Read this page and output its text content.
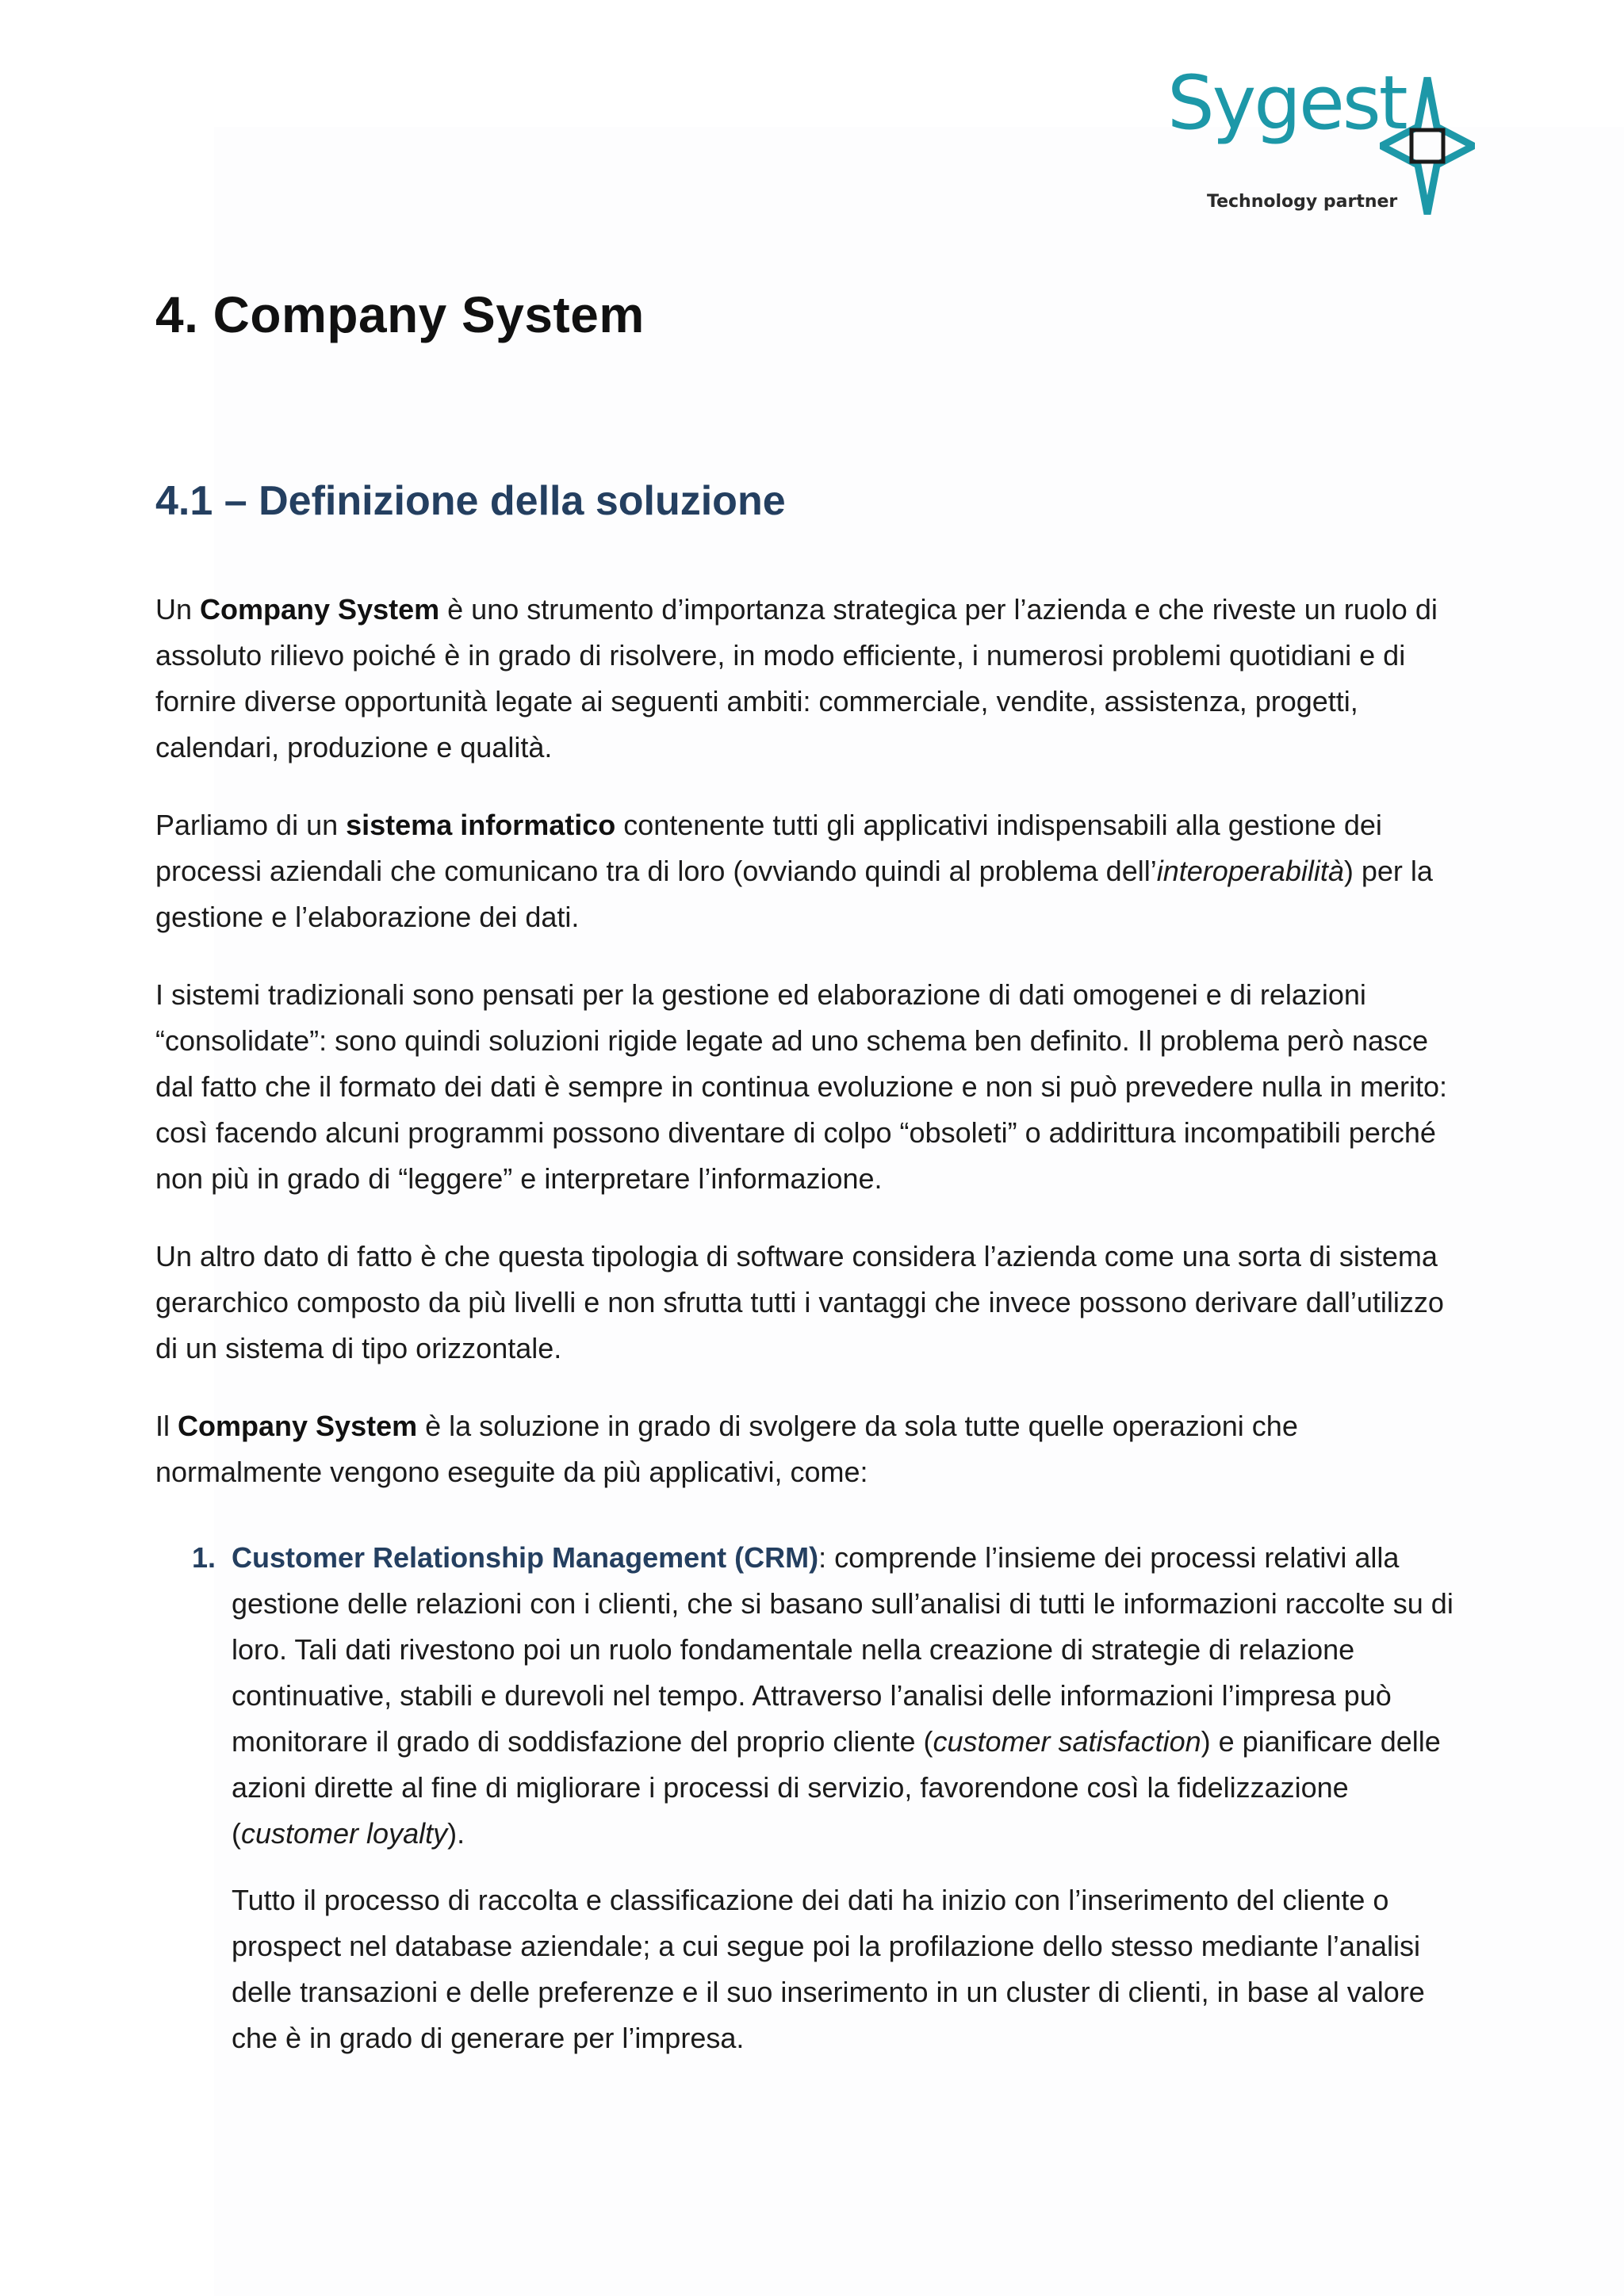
Sygest
Technology partner
4. Company System
4.1 – Definizione della soluzione

Un Company System è uno strumento d’importanza strategica per l’azienda e che riveste un ruolo di assoluto rilievo poiché è in grado di risolvere, in modo efficiente, i numerosi problemi quotidiani e di fornire diverse opportunità legate ai seguenti ambiti: commerciale, vendite, assistenza, progetti, calendari, produzione e qualità.

Parliamo di un sistema informatico contenente tutti gli applicativi indispensabili alla gestione dei processi aziendali che comunicano tra di loro (ovviando quindi al problema dell’interoperabilità) per la gestione e l’elaborazione dei dati.

I sistemi tradizionali sono pensati per la gestione ed elaborazione di dati omogenei e di relazioni “consolidate”: sono quindi soluzioni rigide legate ad uno schema ben definito. Il problema però nasce dal fatto che il formato dei dati è sempre in continua evoluzione e non si può prevedere nulla in merito: così facendo alcuni programmi possono diventare di colpo “obsoleti” o addirittura incompatibili perché non più in grado di “leggere” e interpretare l’informazione.

Un altro dato di fatto è che questa tipologia di software considera l’azienda come una sorta di sistema gerarchico composto da più livelli e non sfrutta tutti i vantaggi che invece possono derivare dall’utilizzo di un sistema di tipo orizzontale.

Il Company System è la soluzione in grado di svolgere da sola tutte quelle operazioni che normalmente vengono eseguite da più applicativi, come:

1. Customer Relationship Management (CRM): comprende l’insieme dei processi relativi alla gestione delle relazioni con i clienti, che si basano sull’analisi di tutti le informazioni raccolte su di loro. Tali dati rivestono poi un ruolo fondamentale nella creazione di strategie di relazione continuative, stabili e durevoli nel tempo. Attraverso l’analisi delle informazioni l’impresa può monitorare il grado di soddisfazione del proprio cliente (customer satisfaction) e pianificare delle azioni dirette al fine di migliorare i processi di servizio, favorendone così la fidelizzazione (customer loyalty).

Tutto il processo di raccolta e classificazione dei dati ha inizio con l’inserimento del cliente o prospect nel database aziendale; a cui segue poi la profilazione dello stesso mediante l’analisi delle transazioni e delle preferenze e il suo inserimento in un cluster di clienti, in base al valore che è in grado di generare per l’impresa.
